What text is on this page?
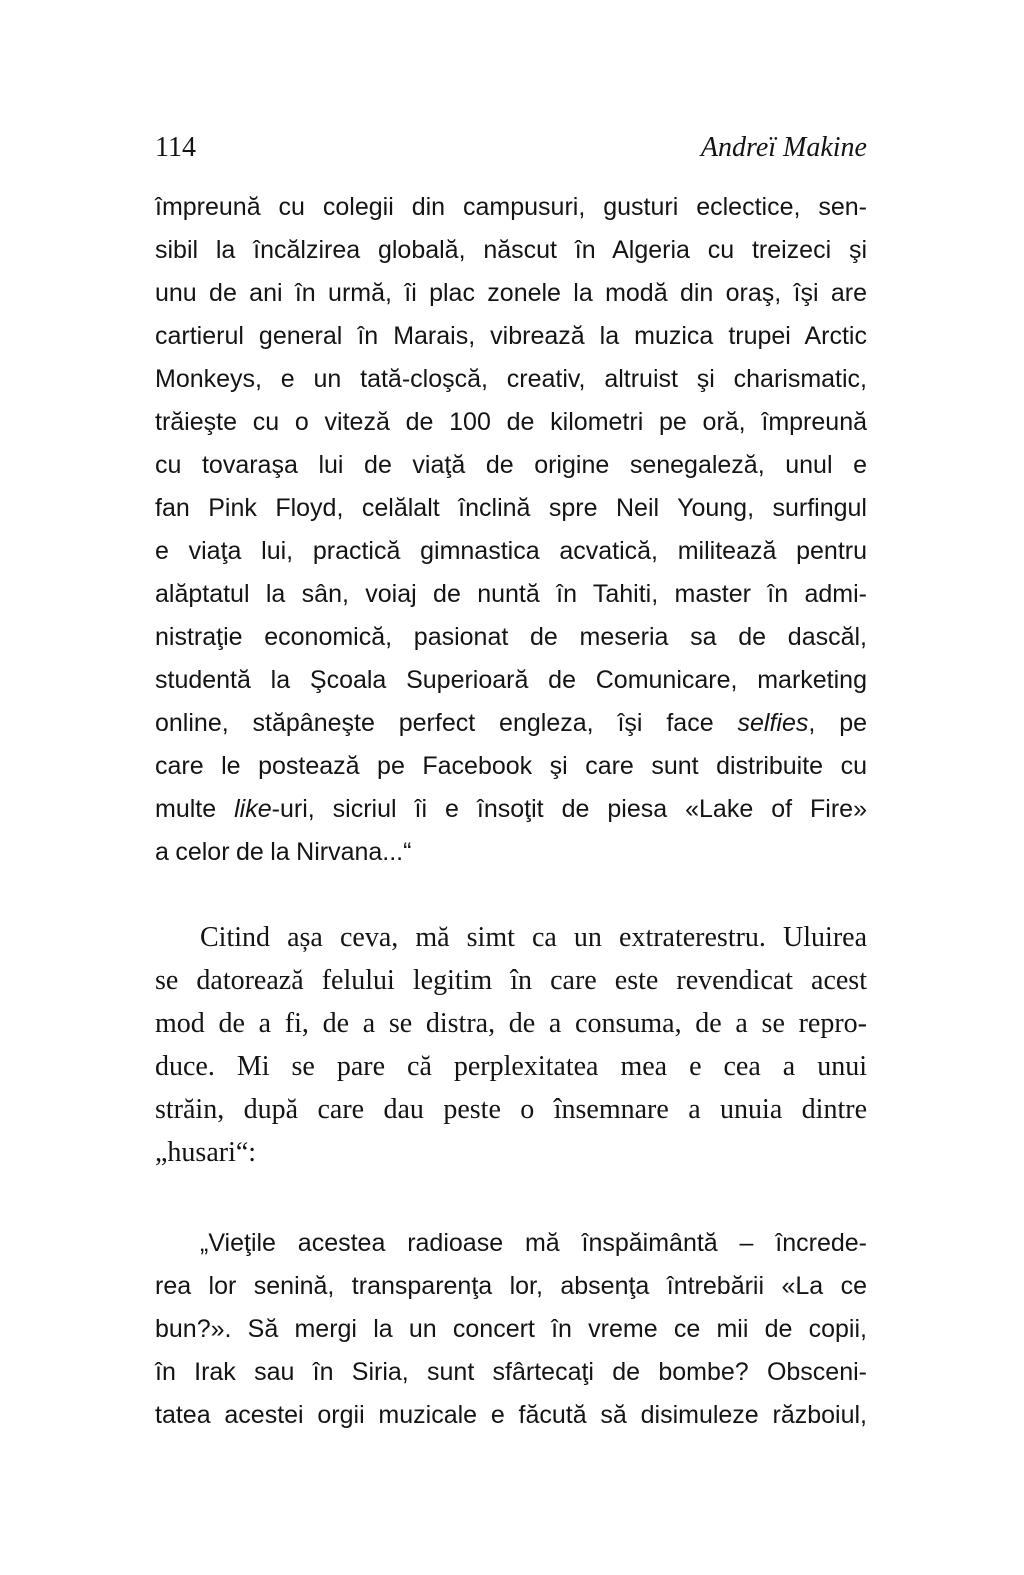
114	Andreï Makine
împreună cu colegii din campusuri, gusturi eclectice, sen-
sibil la încălzirea globală, născut în Algeria cu treizeci şi
unu de ani în urmă, îi plac zonele la modă din oraş, îşi are
cartierul general în Marais, vibrează la muzica trupei Arctic
Monkeys, e un tată-cloşcă, creativ, altruist şi charismatic,
trăieşte cu o viteză de 100 de kilometri pe oră, împreună
cu tovaraşa lui de viaţă de origine senegaleză, unul e
fan Pink Floyd, celălalt înclină spre Neil Young, surfingul
e viaţa lui, practică gimnastica acvatică, militează pentru
alăptatul la sân, voiaj de nuntă în Tahiti, master în admi-
nistraţie economică, pasionat de meseria sa de dascăl,
studentă la Şcoala Superioară de Comunicare, marketing
online, stăpâneşte perfect engleza, îşi face selfies, pe
care le postează pe Facebook şi care sunt distribuite cu
multe like-uri, sicriul îi e însoţit de piesa «Lake of Fire»
a celor de la Nirvana...“
Citind așa ceva, mă simt ca un extraterestru. Uluirea
se datorează felului legitim în care este revendicat acest
mod de a fi, de a se distra, de a consuma, de a se repro-
duce. Mi se pare că perplexitatea mea e cea a unui
străin, după care dau peste o însemnare a unuia dintre
„husari“:
„Vieţile acestea radioase mă înspăimântă – încrede-
rea lor senină, transparenţa lor, absenţa întrebării «La ce
bun?». Să mergi la un concert în vreme ce mii de copii,
în Irak sau în Siria, sunt sfârtecaţi de bombe? Obsceni-
tatea acestei orgii muzicale e făcută să disimuleze războiul,
